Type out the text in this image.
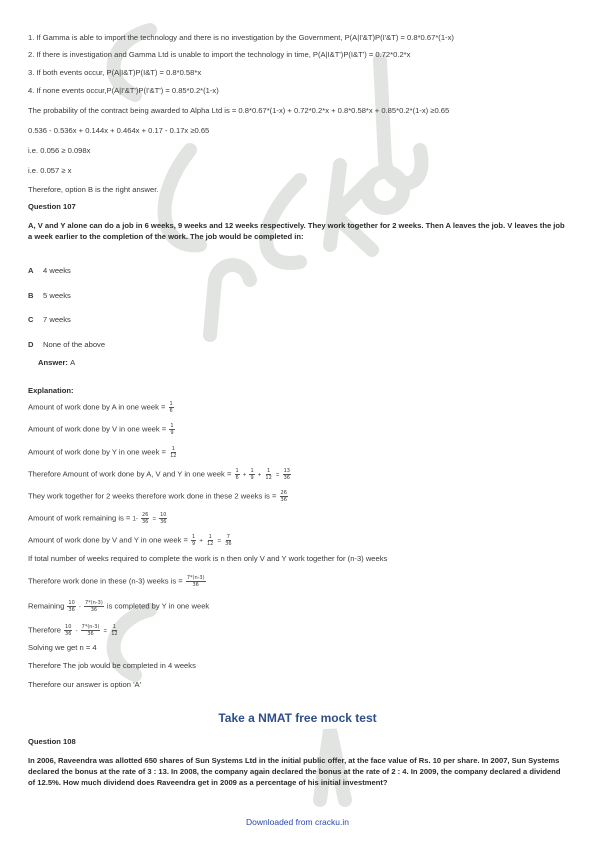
1. If Gamma is able to import the technology and there is no investigation by the Government, P(A|I'&T)P(I'&T) = 0.8*0.67*(1-x)
2. If there is investigation and Gamma Ltd is unable to import the technology in time, P(A|I&T')P(I&T') = 0.72*0.2*x
3. If both events occur, P(A|I&T)P(I&T) = 0.8*0.58*x
4. If none events occur,P(A|I'&T')P(I'&T') = 0.85*0.2*(1-x)
The probability of the contract being awarded to Alpha Ltd is = 0.8*0.67*(1-x) + 0.72*0.2*x + 0.8*0.58*x + 0.85*0.2*(1-x) ≥0.65
0.536 - 0.536x + 0.144x + 0.464x + 0.17 - 0.17x ≥0.65
i.e. 0.056 ≥ 0.098x
i.e. 0.057 ≥ x
Therefore, option B is the right answer.
Question 107
A, V and Y alone can do a job in 6 weeks, 9 weeks and 12 weeks respectively. They work together for 2 weeks. Then A leaves the job. V leaves the job a week earlier to the completion of the work. The job would be completed in:
A 4 weeks
B 5 weeks
C 7 weeks
D None of the above
Answer: A
Explanation:
Amount of work done by A in one week = $\frac{1}{6}$
Amount of work done by V in one week = $\frac{1}{9}$
Amount of work done by Y in one week = $\frac{1}{12}$
Therefore Amount of work done by A, V and Y in one week = $\frac{1}{6} + \frac{1}{9} + \frac{1}{12} = \frac{13}{36}$
They work together for 2 weeks therefore work done in these 2 weeks is = $\frac{26}{36}$
Amount of work remaining is = $1- \frac{26}{36} = \frac{10}{36}$
Amount of work done by V and Y in one week = $\frac{1}{9} + \frac{1}{12} = \frac{7}{36}$
If total number of weeks required to complete the work is n then only V and Y work together for (n-3) weeks
Therefore work done in these (n-3) weeks is = $\frac{7*(n-3)}{36}$
Remaining $\frac{10}{36} - \frac{7*(n-3)}{36}$ is completed by Y in one week
Therefore $\frac{10}{36} - \frac{7*(n-3)}{36} = \frac{1}{12}$
Solving we get n = 4
Therefore The job would be completed in 4 weeks
Therefore our answer is option 'A'
Take a NMAT free mock test
Question 108
In 2006, Raveendra was allotted 650 shares of Sun Systems Ltd in the initial public offer, at the face value of Rs. 10 per share. In 2007, Sun Systems declared the bonus at the rate of 3 : 13. In 2008, the company again declared the bonus at the rate of 2 : 4. In 2009, the company declared a dividend of 12.5%. How much dividend does Raveendra get in 2009 as a percentage of his initial investment?
Downloaded from cracku.in
